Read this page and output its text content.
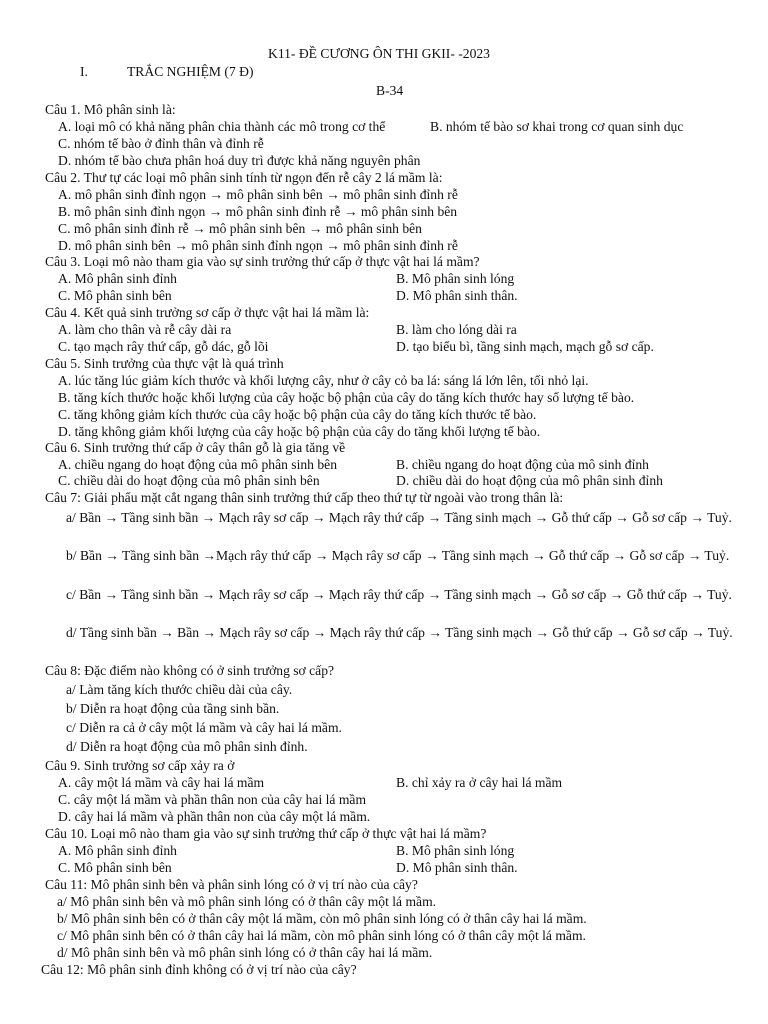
K11- ĐỀ CƯƠNG ÔN THI GKII- -2023
I.	TRẮC NGHIỆM (7 Đ)
B-34
Câu 1. Mô phân sinh là:
A. loại mô có khả năng phân chia thành các mô trong cơ thể	B. nhóm tế bào sơ khai trong cơ quan sinh dục
C. nhóm tế bào ở đỉnh thân và đỉnh rễ
D. nhóm tế bào chưa phân hoá duy trì được khả năng nguyên phân
Câu 2. Thư tự các loại mô phân sinh tính từ ngọn đến rễ cây 2 lá mầm là:
A. mô phân sinh đỉnh ngọn → mô phân sinh bên → mô phân sinh đỉnh rễ
B. mô phân sinh đỉnh ngọn → mô phân sinh đỉnh rễ → mô phân sinh bên
C. mô phân sinh đỉnh rễ → mô phân sinh bên → mô phân sinh bên
D. mô phân sinh bên → mô phân sinh đỉnh ngọn → mô phân sinh đỉnh rễ
Câu 3. Loại mô nào tham gia vào sự sinh trưởng thứ cấp ở thực vật hai lá mầm?
A. Mô phân sinh đỉnh	B. Mô phân sinh lóng
C. Mô phân sinh bên	D. Mô phân sinh thân.
Câu 4. Kết quả sinh trưởng sơ cấp ở thực vật hai lá mầm là:
A. làm cho thân và rễ cây dài ra	B. làm cho lóng dài ra
C. tạo mạch rây thứ cấp, gỗ dác, gỗ lõi	D. tạo biểu bì, tầng sinh mạch, mạch gỗ sơ cấp.
Câu 5. Sinh trưởng của thực vật là quá trình
A. lúc tăng lúc giảm kích thước và khối lượng cây, như ở cây cỏ ba lá: sáng lá lớn lên, tối nhỏ lại.
B. tăng kích thước hoặc khối lượng của cây hoặc bộ phận của cây do tăng kích thước hay số lượng tế bào.
C. tăng không giảm kích thước của cây hoặc bộ phận của cây do tăng kích thước tế bào.
D. tăng không giảm khối lượng của cây hoặc bộ phận của cây do tăng khối lượng tế bào.
Câu 6. Sinh trưởng thứ cấp ở cây thân gỗ là gia tăng về
A. chiều ngang do hoạt động của mô phân sinh bên	B. chiều ngang do hoạt động của mô sinh đỉnh
C. chiều dài do hoạt động của mô phân sinh bên	D. chiều dài do hoạt động của mô phân sinh đỉnh
Câu 7: Giải phẩu mặt cắt ngang thân sinh trưởng thứ cấp theo thứ tự từ ngoài vào trong thân là:
a/ Bần → Tầng sinh bần → Mạch rây sơ cấp → Mạch rây thứ cấp → Tầng sinh mạch → Gỗ thứ cấp → Gỗ sơ cấp → Tuỷ.
b/ Bần → Tầng sinh bần →Mạch rây thứ cấp → Mạch rây sơ cấp → Tầng sinh mạch → Gỗ thứ cấp → Gỗ sơ cấp → Tuỷ.
c/ Bần → Tầng sinh bần → Mạch rây sơ cấp → Mạch rây thứ cấp → Tầng sinh mạch → Gỗ sơ cấp → Gỗ thứ cấp → Tuỷ.
d/ Tầng sinh bần → Bần → Mạch rây sơ cấp → Mạch rây thứ cấp → Tầng sinh mạch → Gỗ thứ cấp → Gỗ sơ cấp → Tuỷ.
Câu 8: Đặc điểm nào không có ở sinh trưởng sơ cấp?
a/ Làm tăng kích thước chiều dài của cây.
b/ Diễn ra hoạt động của tầng sinh bần.
c/ Diễn ra cả ở cây một lá mầm và cây hai lá mầm.
d/ Diễn ra hoạt động của mô phân sinh đỉnh.
Câu 9. Sinh trưởng sơ cấp xảy ra ở
A. cây một lá mầm và cây hai lá mầm	B. chỉ xảy ra ở cây hai lá mầm
C. cây một lá mầm và phần thân non của cây hai lá mầm
D. cây hai lá mầm và phần thân non của cây một lá mầm.
Câu 10. Loại mô nào tham gia vào sự sinh trưởng thứ cấp ở thực vật hai lá mầm?
A. Mô phân sinh đỉnh	B. Mô phân sinh lóng
C. Mô phân sinh bên	D. Mô phân sinh thân.
Câu 11: Mô phân sinh bên và phân sinh lóng có ở vị trí nào của cây?
a/ Mô phân sinh bên và mô phân sinh lóng có ở thân cây một lá mầm.
b/ Mô phân sinh bên có ở thân cây một lá mầm, còn mô phân sinh lóng có ở thân cây hai lá mầm.
c/ Mô phân sinh bên có ở thân cây hai lá mầm, còn mô phân sinh lóng có ở thân cây một lá mầm.
d/ Mô phân sinh bên và mô phân sinh lóng có ở thân cây hai lá mầm.
Câu 12: Mô phân sinh đỉnh không có ở vị trí nào của cây?
